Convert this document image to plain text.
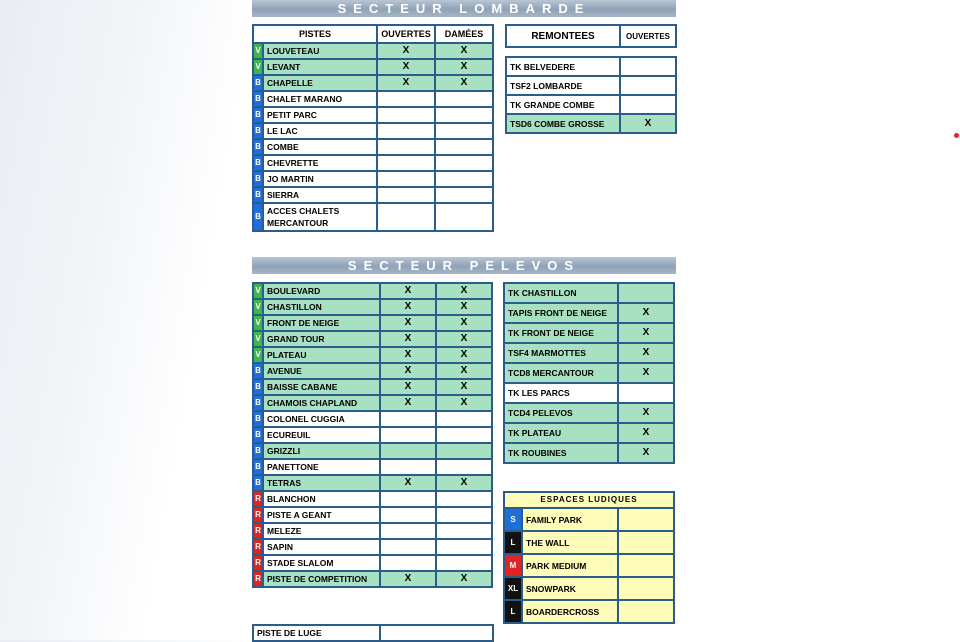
SECTEUR LOMBARDE
PISTES		OUVERTES	DAMÉES
V	LOUVETEAU	X	X
V	LEVANT	X	X
B	CHAPELLE	X	X
B	CHALET MARANO		
B	PETIT PARC		
B	LE LAC		
B	COMBE		
B	CHEVRETTE		
B	JO MARTIN		
B	SIERRA		
B	ACCES CHALETS MERCANTOUR		
REMONTEES	OUVERTES
TK BELVEDERE	
TSF2 LOMBARDE	
TK GRANDE COMBE	
TSD6 COMBE GROSSE	X
SECTEUR PELEVOS
V	BOULEVARD	X	X
V	CHASTILLON	X	X
V	FRONT DE NEIGE	X	X
V	GRAND TOUR	X	X
V	PLATEAU	X	X
B	AVENUE	X	X
B	BAISSE CABANE	X	X
B	CHAMOIS CHAPLAND	X	X
B	COLONEL CUGGIA		
B	ECUREUIL		
B	GRIZZLI		
B	PANETTONE		
B	TETRAS	X	X
R	BLANCHON		
R	PISTE A GEANT		
R	MELEZE		
R	SAPIN		
R	STADE SLALOM		
R	PISTE DE COMPETITION	X	X
PISTE DE LUGE	
TK CHASTILLON	
TAPIS FRONT DE NEIGE	X
TK FRONT DE NEIGE	X
TSF4 MARMOTTES	X
TCD8 MERCANTOUR	X
TK LES PARCS	
TCD4 PELEVOS	X
TK PLATEAU	X
TK ROUBINES	X
ESPACES LUDIQUES		
S	FAMILY PARK	
L	THE WALL	
M	PARK MEDIUM	
XL	SNOWPARK	
L	BOARDERCROSS	
